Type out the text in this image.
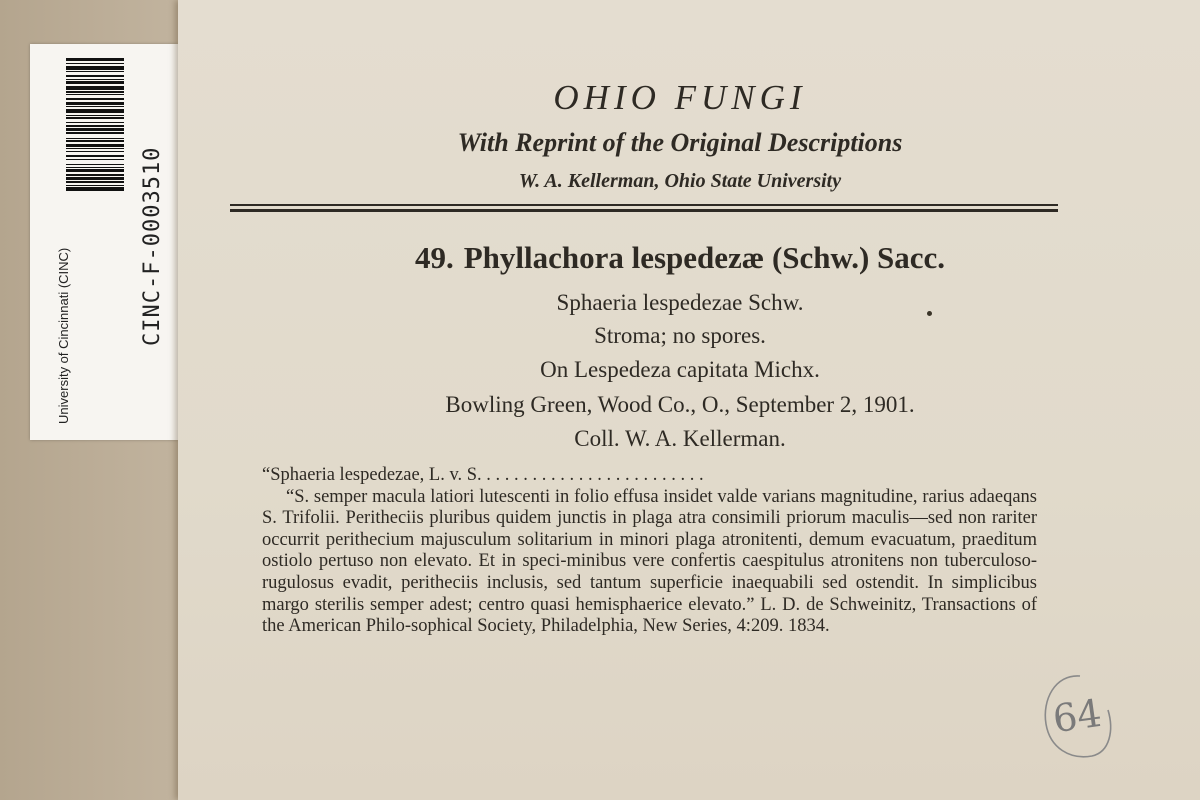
University of Cincinnati (CINC)	CINC-F-0003510
OHIO FUNGI
With Reprint of the Original Descriptions
W. A. Kellerman, Ohio State University
49. Phyllachora lespedezæ (Schw.) Sacc.
Sphaeria lespedezae Schw.
Stroma; no spores.
On Lespedeza capitata Michx.
Bowling Green, Wood Co., O., September 2, 1901.
Coll. W. A. Kellerman.

“Sphaeria lespedezae, L. v. S. . . . . . . . . . . . . . . . . . . . . . . . .

“S. semper macula latiori lutescenti in folio effusa insidet valde varians magnitudine, rarius adaeqans S. Trifolii. Peritheciis pluribus quidem junctis in plaga atra consimili priorum maculis—sed non rariter occurrit perithecium majusculum solitarium in minori plaga atronitenti, demum evacuatum, praeditum ostiolo pertuso non elevato. Et in speci-minibus vere confertis caespitulus atronitens non tuberculoso-rugulosus evadit, peritheciis inclusis, sed tantum superficie inaequabili sed ostendit. In simplicibus margo sterilis semper adest; centro quasi hemisphaerice elevato.” L. D. de Schweinitz, Transactions of the American Philo-sophical Society, Philadelphia, New Series, 4:209. 1834.

64
